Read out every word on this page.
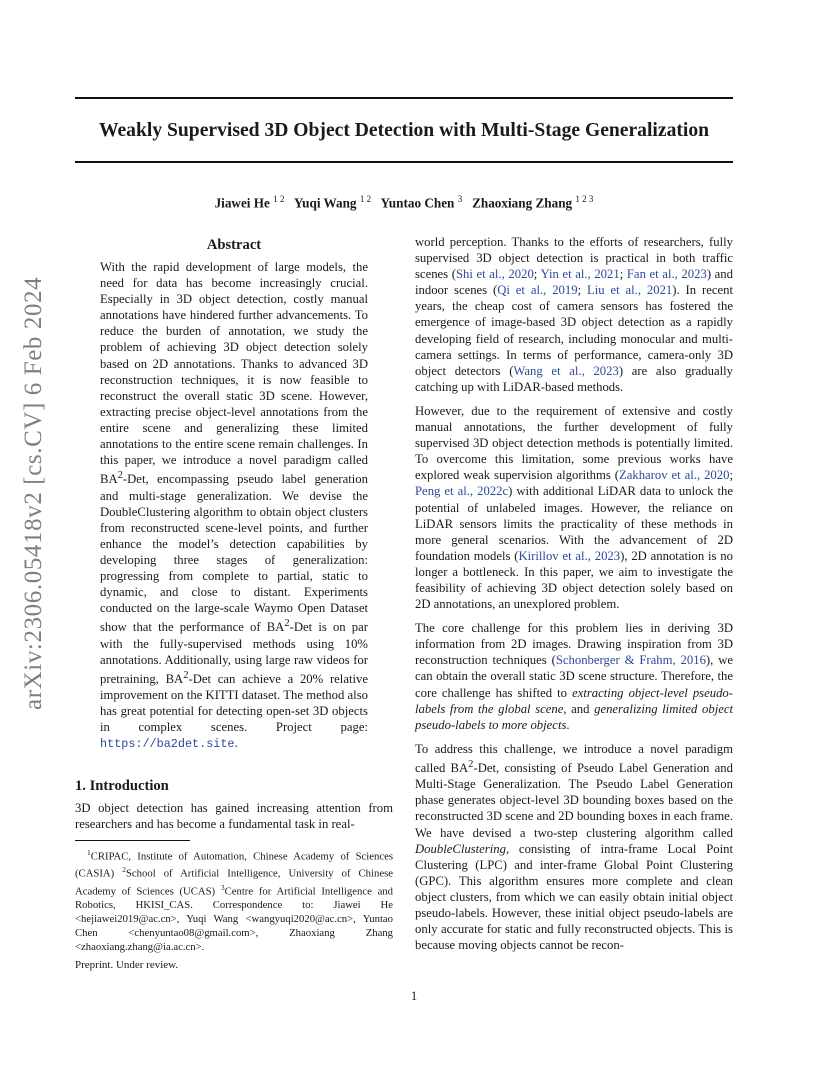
Weakly Supervised 3D Object Detection with Multi-Stage Generalization
Jiawei He $^{1 2}$ Yuqi Wang $^{1 2}$ Yuntao Chen $^3$ Zhaoxiang Zhang $^{1 2 3}$
arXiv:2306.05418v2 [cs.CV] 6 Feb 2024
Abstract

With the rapid development of large models, the need for data has become increasingly crucial. Especially in 3D object detection, costly manual annotations have hindered further advancements. To reduce the burden of annotation, we study the problem of achieving 3D object detection solely based on 2D annotations. Thanks to advanced 3D reconstruction techniques, it is now feasible to reconstruct the overall static 3D scene. However, extracting precise object-level annotations from the entire scene and generalizing these limited annotations to the entire scene remain challenges. In this paper, we introduce a novel paradigm called $BA^2$-Det, encompassing pseudo label generation and multi-stage generalization. We devise the DoubleClustering algorithm to obtain object clusters from reconstructed scene-level points, and further enhance the model’s detection capabilities by developing three stages of generalization: progressing from complete to partial, static to dynamic, and close to distant. Experiments conducted on the large-scale Waymo Open Dataset show that the performance of $BA^2$-Det is on par with the fully-supervised methods using 10% annotations. Additionally, using large raw videos for pretraining, $BA^2$-Det can achieve a 20% relative improvement on the KITTI dataset. The method also has great potential for detecting open-set 3D objects in complex scenes. Project page: https://ba2det.site.

1. Introduction

3D object detection has gained increasing attention from researchers and has become a fundamental task in real-

$^1$CRIPAC, Institute of Automation, Chinese Academy of Sciences (CASIA) $^2$School of Artificial Intelligence, University of Chinese Academy of Sciences (UCAS) $^3$Centre for Artificial Intelligence and Robotics, HKISI_CAS. Correspondence to: Jiawei He <hejiawei2019@ac.cn>, Yuqi Wang <wangyuqi2020@ac.cn>, Yuntao Chen <chenyuntao08@gmail.com>, Zhaoxiang Zhang <zhaoxiang.zhang@ia.ac.cn>.

Preprint. Under review.

world perception. Thanks to the efforts of researchers, fully supervised 3D object detection is practical in both traffic scenes (Shi et al., 2020; Yin et al., 2021; Fan et al., 2023) and indoor scenes (Qi et al., 2019; Liu et al., 2021). In recent years, the cheap cost of camera sensors has fostered the emergence of image-based 3D object detection as a rapidly developing field of research, including monocular and multi-camera settings. In terms of performance, camera-only 3D object detectors (Wang et al., 2023) are also gradually catching up with LiDAR-based methods.

However, due to the requirement of extensive and costly manual annotations, the further development of fully supervised 3D object detection methods is potentially limited. To overcome this limitation, some previous works have explored weak supervision algorithms (Zakharov et al., 2020; Peng et al., 2022c) with additional LiDAR data to unlock the potential of unlabeled images. However, the reliance on LiDAR sensors limits the practicality of these methods in more general scenarios. With the advancement of 2D foundation models (Kirillov et al., 2023), 2D annotation is no longer a bottleneck. In this paper, we aim to investigate the feasibility of achieving 3D object detection solely based on 2D annotations, an unexplored problem.

The core challenge for this problem lies in deriving 3D information from 2D images. Drawing inspiration from 3D reconstruction techniques (Schonberger & Frahm, 2016), we can obtain the overall static 3D scene structure. Therefore, the core challenge has shifted to extracting object-level pseudo-labels from the global scene, and generalizing limited object pseudo-labels to more objects.

To address this challenge, we introduce a novel paradigm called $BA^2$-Det, consisting of Pseudo Label Generation and Multi-Stage Generalization. The Pseudo Label Generation phase generates object-level 3D bounding boxes based on the reconstructed 3D scene and 2D bounding boxes in each frame. We have devised a two-step clustering algorithm called DoubleClustering, consisting of intra-frame Local Point Clustering (LPC) and inter-frame Global Point Clustering (GPC). This algorithm ensures more complete and clean object clusters, from which we can easily obtain initial object pseudo-labels. However, these initial object pseudo-labels are only accurate for static and fully reconstructed objects. This is because moving objects cannot be recon-

1
